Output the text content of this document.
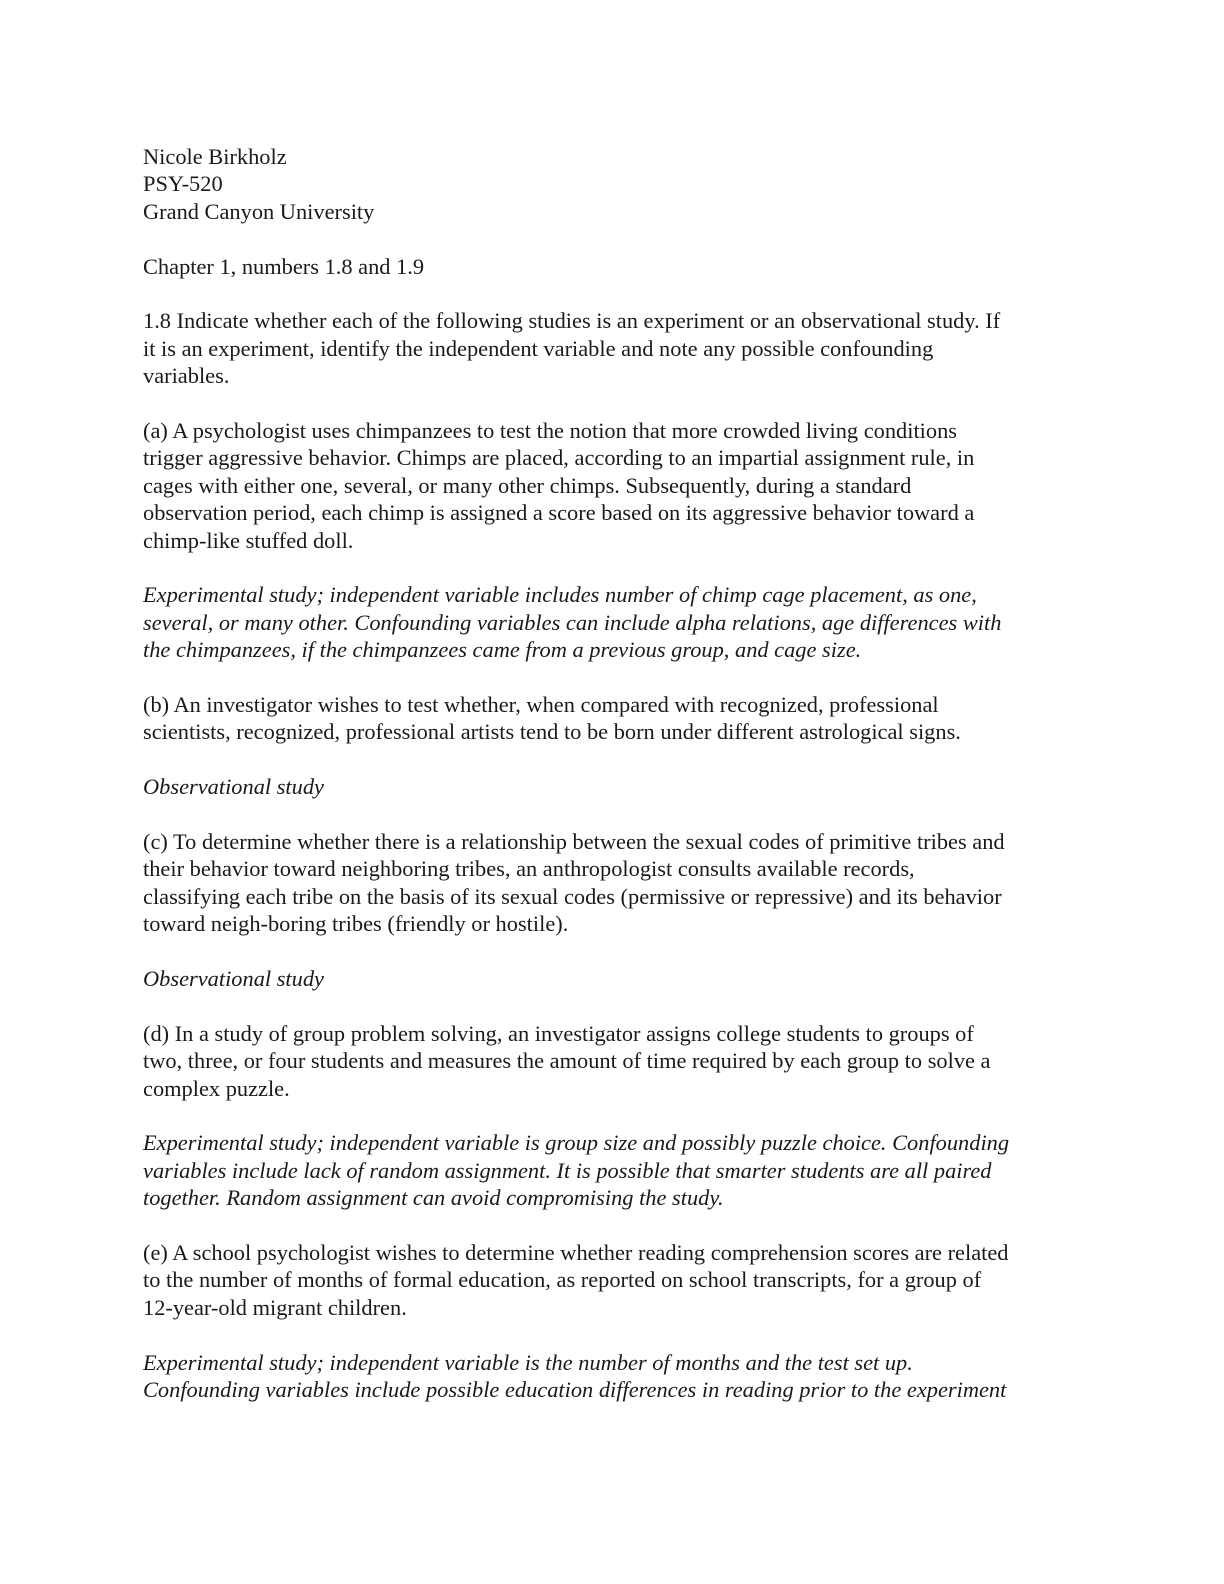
Nicole Birkholz
PSY-520
Grand Canyon University

Chapter 1, numbers 1.8 and 1.9

1.8 Indicate whether each of the following studies is an experiment or an observational study. If
it is an experiment, identify the independent variable and note any possible confounding
variables.

(a) A psychologist uses chimpanzees to test the notion that more crowded living conditions
trigger aggressive behavior. Chimps are placed, according to an impartial assignment rule, in
cages with either one, several, or many other chimps. Subsequently, during a standard
observation period, each chimp is assigned a score based on its aggressive behavior toward a
chimp-like stuffed doll.

Experimental study; independent variable includes number of chimp cage placement, as one,
several, or many other. Confounding variables can include alpha relations, age differences with
the chimpanzees, if the chimpanzees came from a previous group, and cage size.

(b) An investigator wishes to test whether, when compared with recognized, professional
scientists, recognized, professional artists tend to be born under different astrological signs.

Observational study

(c) To determine whether there is a relationship between the sexual codes of primitive tribes and
their behavior toward neighboring tribes, an anthropologist consults available records,
classifying each tribe on the basis of its sexual codes (permissive or repressive) and its behavior
toward neigh-boring tribes (friendly or hostile).

Observational study

(d) In a study of group problem solving, an investigator assigns college students to groups of
two, three, or four students and measures the amount of time required by each group to solve a
complex puzzle.

Experimental study; independent variable is group size and possibly puzzle choice. Confounding
variables include lack of random assignment. It is possible that smarter students are all paired
together. Random assignment can avoid compromising the study.

(e) A school psychologist wishes to determine whether reading comprehension scores are related
to the number of months of formal education, as reported on school transcripts, for a group of
12-year-old migrant children.

Experimental study; independent variable is the number of months and the test set up.
Confounding variables include possible education differences in reading prior to the experiment
